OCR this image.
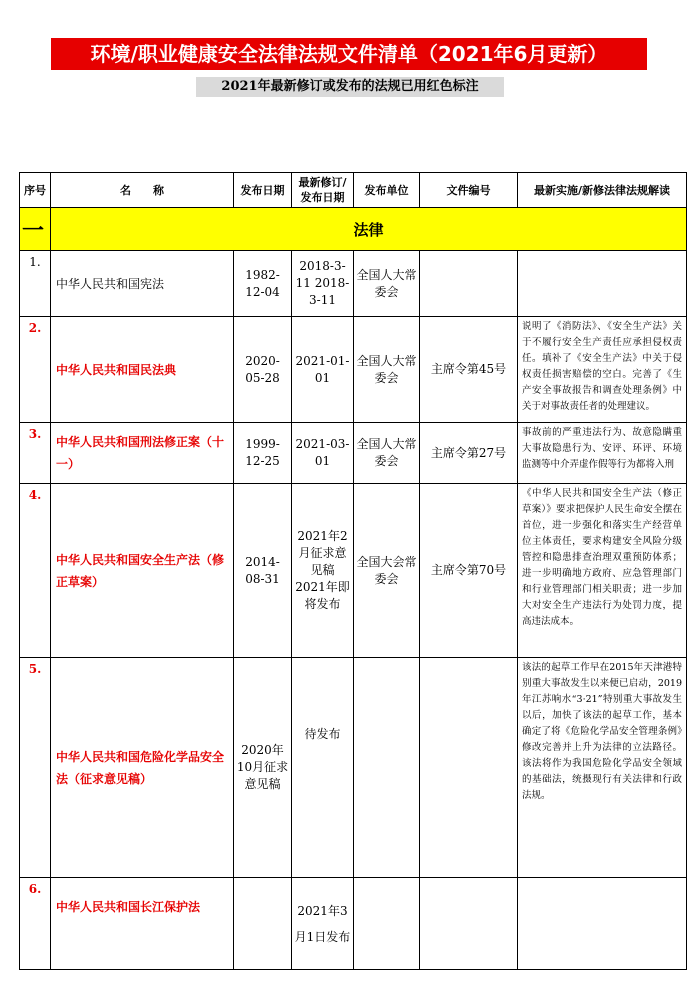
环境/职业健康安全法律法规文件清单（2021年6月更新）
2021年最新修订或发布的法规已用红色标注
序号	名　　称	发布日期	最新修订/发布日期	发布单位	文件编号	最新实施/新修法律法规解读
一	法律					
1.	中华人民共和国宪法	1982-12-04	2018-3-11 2018-3-11	全国人大常委会		
2.	中华人民共和国民法典	2020-05-28	2021-01-01	全国人大常委会	主席令第45号	说明了《消防法》、《安全生产法》关于不履行安全生产责任应承担侵权责任。填补了《安全生产法》中关于侵权责任损害赔偿的空白。完善了《生产安全事故报告和调查处理条例》中关于对事故责任者的处理建议。
3.	中华人民共和国刑法修正案（十一）	1999-12-25	2021-03-01	全国人大常委会	主席令第27号	事故前的严重违法行为、故意隐瞒重大事故隐患行为、安评、环评、环境监测等中介弄虚作假等行为都将入刑
4.	中华人民共和国安全生产法（修正草案）	2014-08-31	2021年2月征求意见稿 2021年即将发布	全国大会常委会	主席令第70号	《中华人民共和国安全生产法（修正草案）》要求把保护人民生命安全摆在首位，进一步强化和落实生产经营单位主体责任，要求构建安全风险分级管控和隐患排查治理双重预防体系；进一步明确地方政府、应急管理部门和行业管理部门相关职责；进一步加大对安全生产违法行为处罚力度，提高违法成本。
5.	中华人民共和国危险化学品安全法（征求意见稿）	2020年10月征求意见稿	待发布			该法的起草工作早在2015年天津港特别重大事故发生以来便已启动，2019年江苏响水“3·21”特别重大事故发生以后，加快了该法的起草工作，基本确定了将《危险化学品安全管理条例》修改完善并上升为法律的立法路径。该法将作为我国危险化学品安全领域的基础法，统摄现行有关法律和行政法规。
6.	中华人民共和国长江保护法		2021年3月1日发布			
